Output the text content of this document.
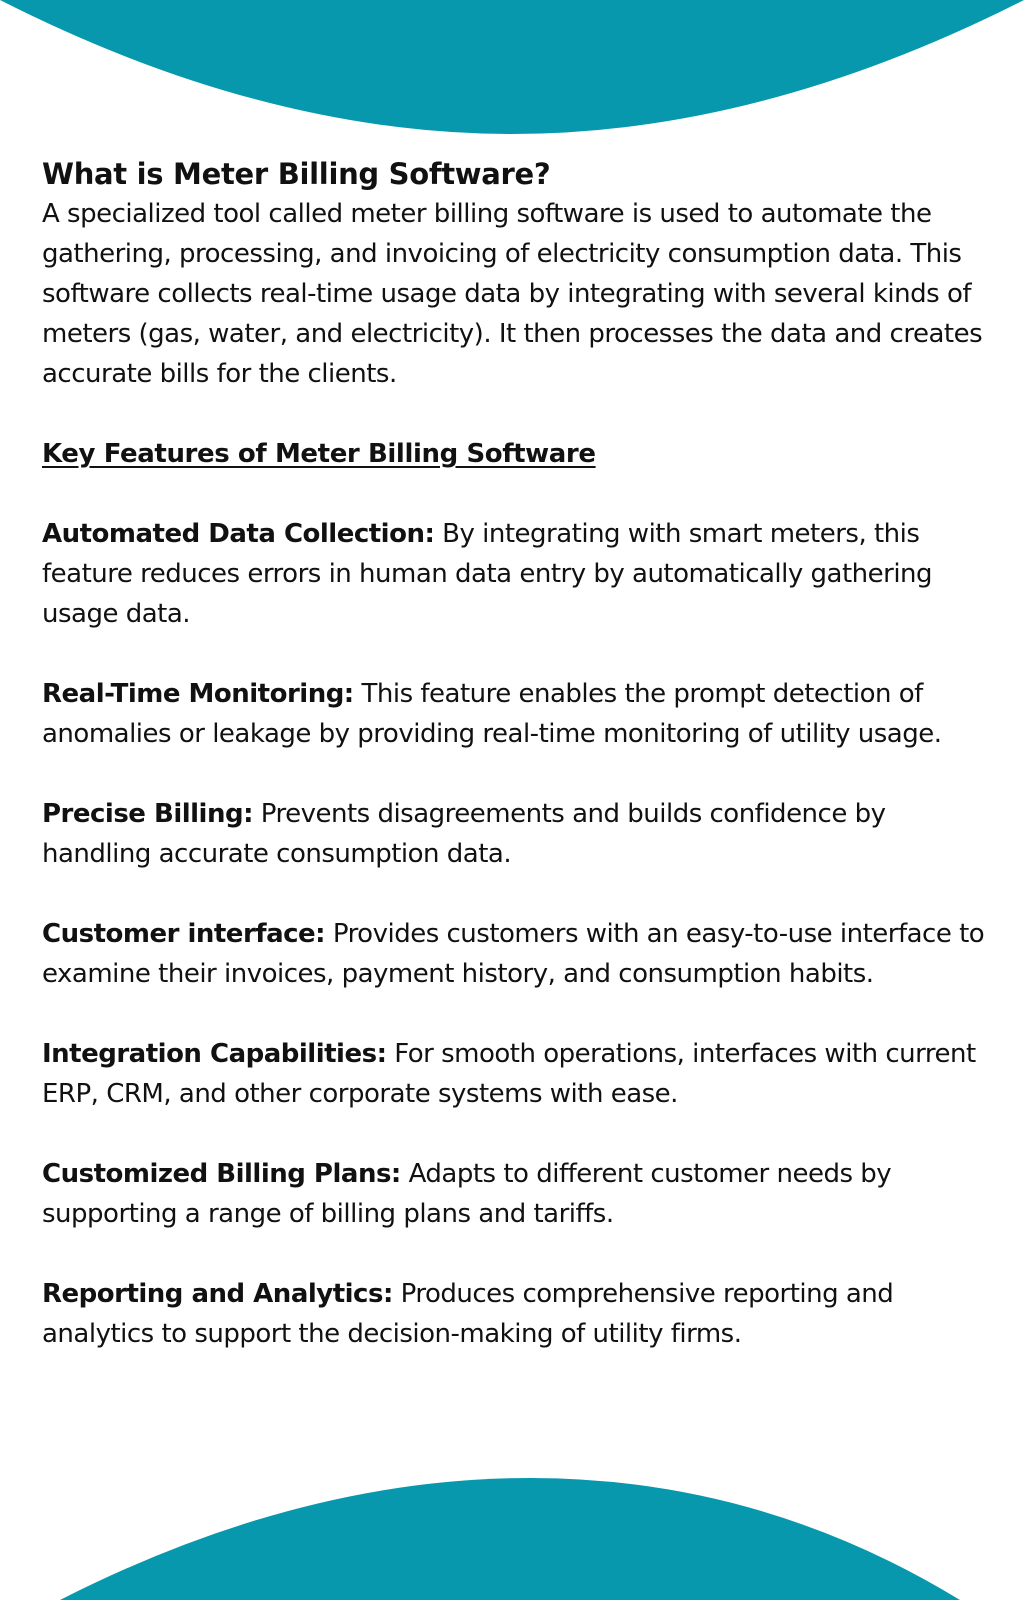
What is Meter Billing Software?

A specialized tool called meter billing software is used to automate the gathering, processing, and invoicing of electricity consumption data. This software collects real-time usage data by integrating with several kinds of meters (gas, water, and electricity). It then processes the data and creates accurate bills for the clients.

Key Features of Meter Billing Software

Automated Data Collection: By integrating with smart meters, this feature reduces errors in human data entry by automatically gathering usage data.

Real-Time Monitoring: This feature enables the prompt detection of anomalies or leakage by providing real-time monitoring of utility usage.

Precise Billing: Prevents disagreements and builds confidence by handling accurate consumption data.

Customer interface: Provides customers with an easy-to-use interface to examine their invoices, payment history, and consumption habits.

Integration Capabilities: For smooth operations, interfaces with current ERP, CRM, and other corporate systems with ease.

Customized Billing Plans: Adapts to different customer needs by supporting a range of billing plans and tariffs.

Reporting and Analytics: Produces comprehensive reporting and analytics to support the decision-making of utility firms.
